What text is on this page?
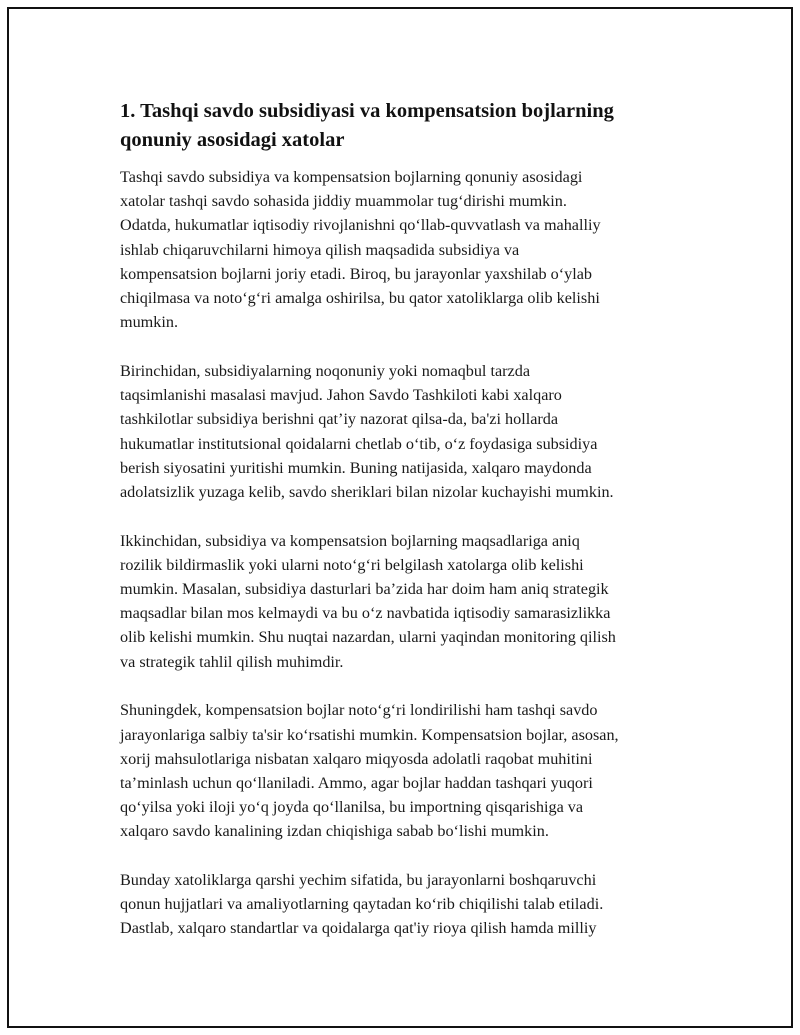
1. Tashqi savdo subsidiyasi va kompensatsion bojlarning
qonuniy asosidagi xatolar

Tashqi savdo subsidiya va kompensatsion bojlarning qonuniy asosidagi
xatolar tashqi savdo sohasida jiddiy muammolar tug‘dirishi mumkin.
Odatda, hukumatlar iqtisodiy rivojlanishni qo‘llab-quvvatlash va mahalliy
ishlab chiqaruvchilarni himoya qilish maqsadida subsidiya va
kompensatsion bojlarni joriy etadi. Biroq, bu jarayonlar yaxshilab o‘ylab
chiqilmasa va noto‘g‘ri amalga oshirilsa, bu qator xatoliklarga olib kelishi
mumkin.

Birinchidan, subsidiyalarning noqonuniy yoki nomaqbul tarzda
taqsimlanishi masalasi mavjud. Jahon Savdo Tashkiloti kabi xalqaro
tashkilotlar subsidiya berishni qat’iy nazorat qilsa-da, ba'zi hollarda
hukumatlar institutsional qoidalarni chetlab o‘tib, o‘z foydasiga subsidiya
berish siyosatini yuritishi mumkin. Buning natijasida, xalqaro maydonda
adolatsizlik yuzaga kelib, savdo sheriklari bilan nizolar kuchayishi mumkin.

Ikkinchidan, subsidiya va kompensatsion bojlarning maqsadlariga aniq
rozilik bildirmaslik yoki ularni noto‘g‘ri belgilash xatolarga olib kelishi
mumkin. Masalan, subsidiya dasturlari ba’zida har doim ham aniq strategik
maqsadlar bilan mos kelmaydi va bu o‘z navbatida iqtisodiy samarasizlikka
olib kelishi mumkin. Shu nuqtai nazardan, ularni yaqindan monitoring qilish
va strategik tahlil qilish muhimdir.

Shuningdek, kompensatsion bojlar noto‘g‘ri londirilishi ham tashqi savdo
jarayonlariga salbiy ta'sir ko‘rsatishi mumkin. Kompensatsion bojlar, asosan,
xorij mahsulotlariga nisbatan xalqaro miqyosda adolatli raqobat muhitini
ta’minlash uchun qo‘llaniladi. Ammo, agar bojlar haddan tashqari yuqori
qo‘yilsa yoki iloji yo‘q joyda qo‘llanilsa, bu importning qisqarishiga va
xalqaro savdo kanalining izdan chiqishiga sabab bo‘lishi mumkin.

Bunday xatoliklarga qarshi yechim sifatida, bu jarayonlarni boshqaruvchi
qonun hujjatlari va amaliyotlarning qaytadan ko‘rib chiqilishi talab etiladi.
Dastlab, xalqaro standartlar va qoidalarga qat'iy rioya qilish hamda milliy
